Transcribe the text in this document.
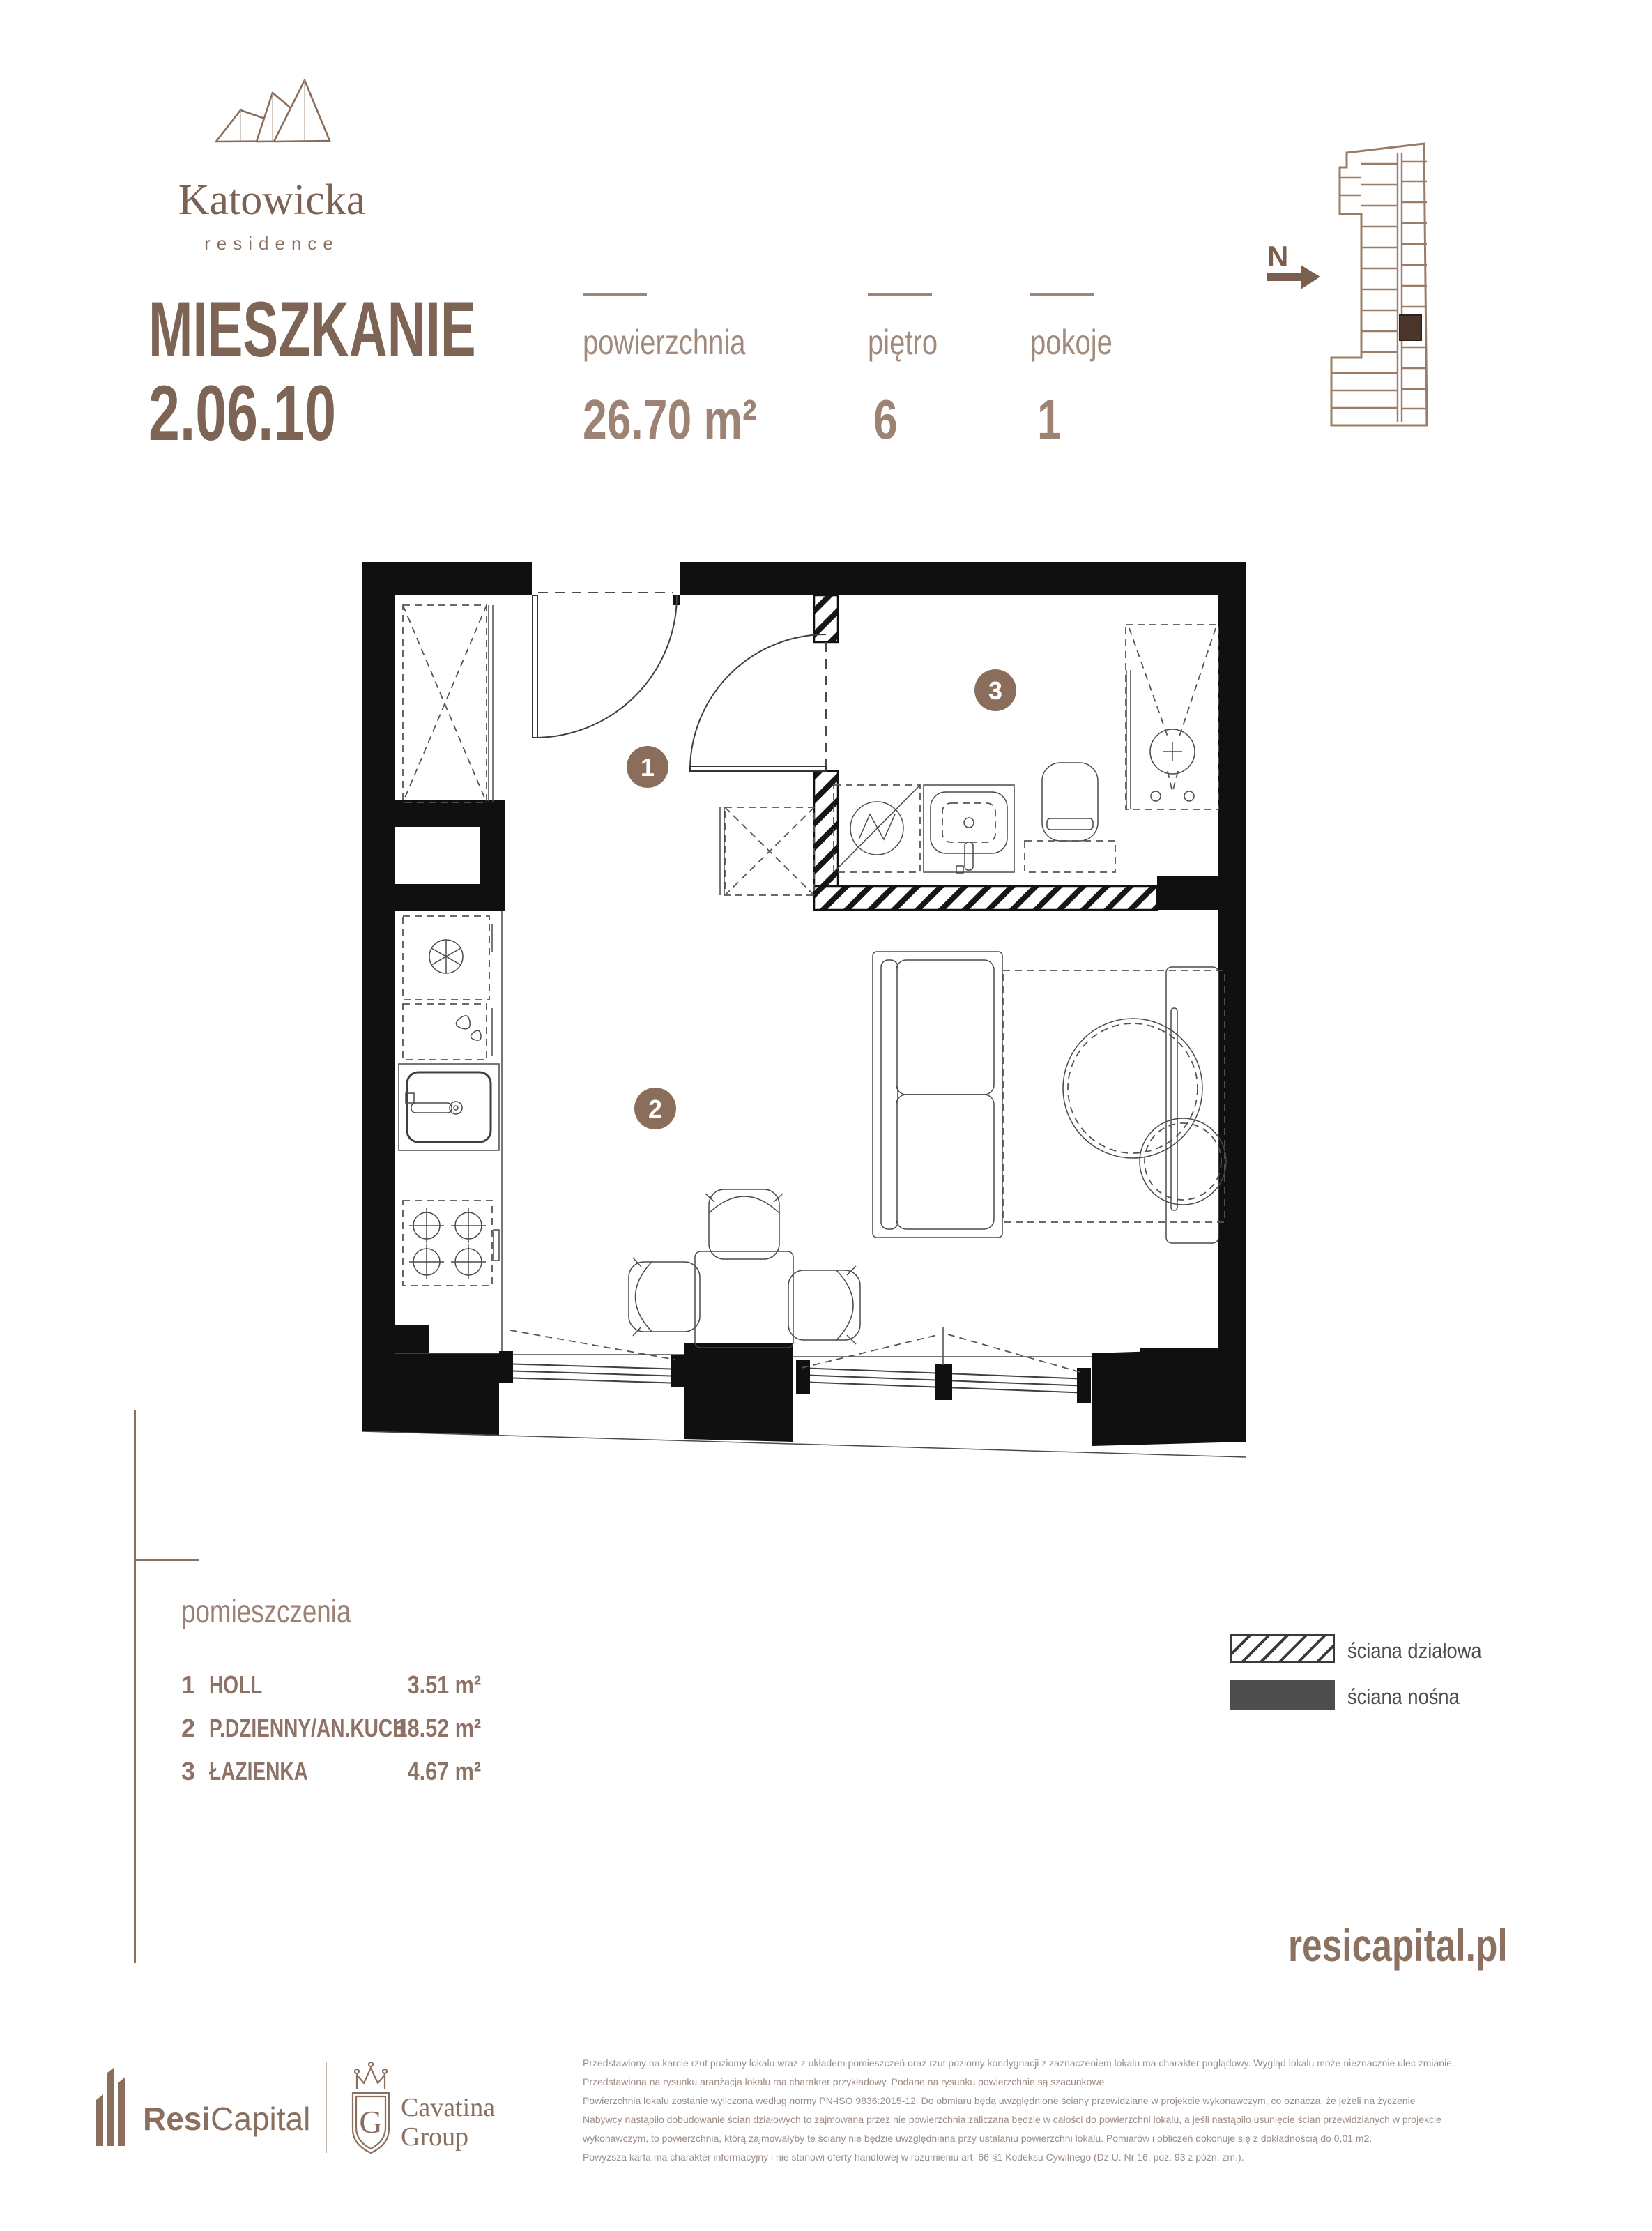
Katowicka
residence
MIESZKANIE
2.06.10
powierzchnia
26.70 m²
piętro
6
pokoje
1
N
1
2
3
pomieszczenia
1 HOLL	3.51 m²
2 P.DZIENNY/AN.KUCH
18.52 m²
3 ŁAZIENKA	4.67 m²
ściana działowa
ściana nośna
resicapital.pl
ResiCapital G Cavatina
Group
Przedstawiony na karcie rzut poziomy lokalu wraz z układem pomieszczeń oraz rzut poziomy kondygnacji z zaznaczeniem lokalu ma charakter poglądowy. Wygląd lokalu może nieznacznie ulec zmianie.
Przedstawiona na rysunku aranżacja lokalu ma charakter przykładowy. Podane na rysunku powierzchnie są szacunkowe.
Powierzchnia lokalu zostanie wyliczona według normy PN-ISO 9836:2015-12. Do obmiaru będą uwzględnione ściany przewidziane w projekcie wykonawczym, co oznacza, że jeżeli na życzenie
Nabywcy nastąpiło dobudowanie ścian działowych to zajmowana przez nie powierzchnia zaliczana będzie w całości do powierzchni lokalu, a jeśli nastąpiło usunięcie ścian przewidzianych w projekcie
wykonawczym, to powierzchnia, którą zajmowałyby te ściany nie będzie uwzględniana przy ustalaniu powierzchni lokalu. Pomiarów i obliczeń dokonuje się z dokładnością do 0,01 m2.
Powyższa karta ma charakter informacyjny i nie stanowi oferty handlowej w rozumieniu art. 66 §1 Kodeksu Cywilnego (Dz.U. Nr 16, poz. 93 z późn. zm.).
